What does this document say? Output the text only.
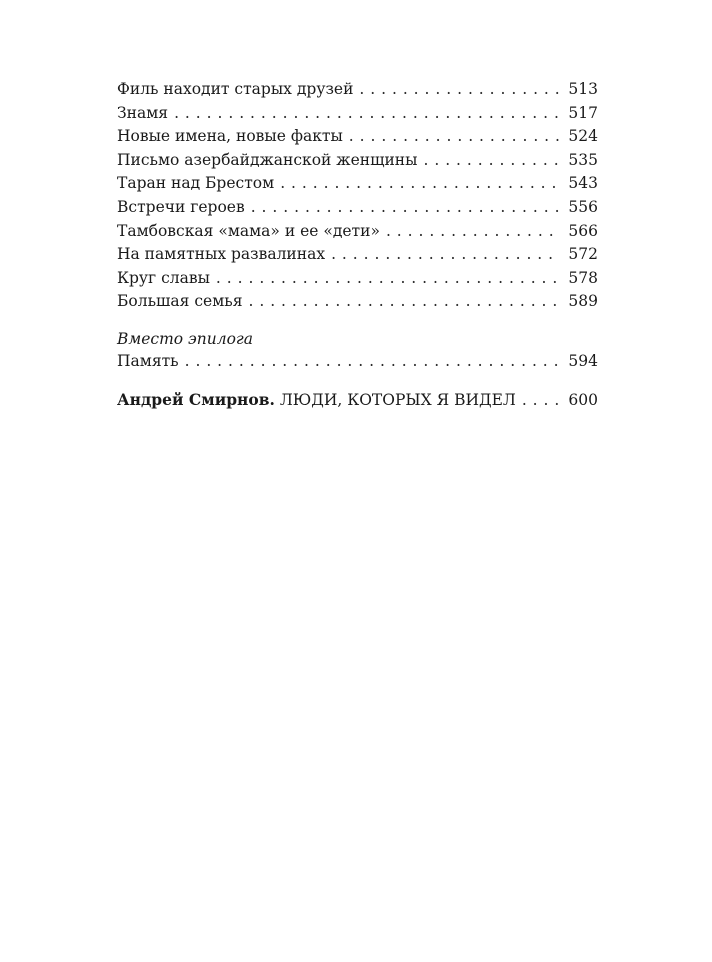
Филь находит старых друзей . . .	513
Знамя . . .	517
Новые имена, новые факты . . .	524
Письмо азербайджанской женщины . . .	535
Таран над Брестом . . .	543
Встречи героев . . .	556
Тамбовская «мама» и ее «дети» . . .	566
На памятных развалинах . . .	572
Круг славы . . .	578
Большая семья . . .	589
Вместо эпилога
Память . . .	594
Андрей Смирнов. ЛЮДИ, КОТОРЫХ Я ВИДЕЛ . . .	600
